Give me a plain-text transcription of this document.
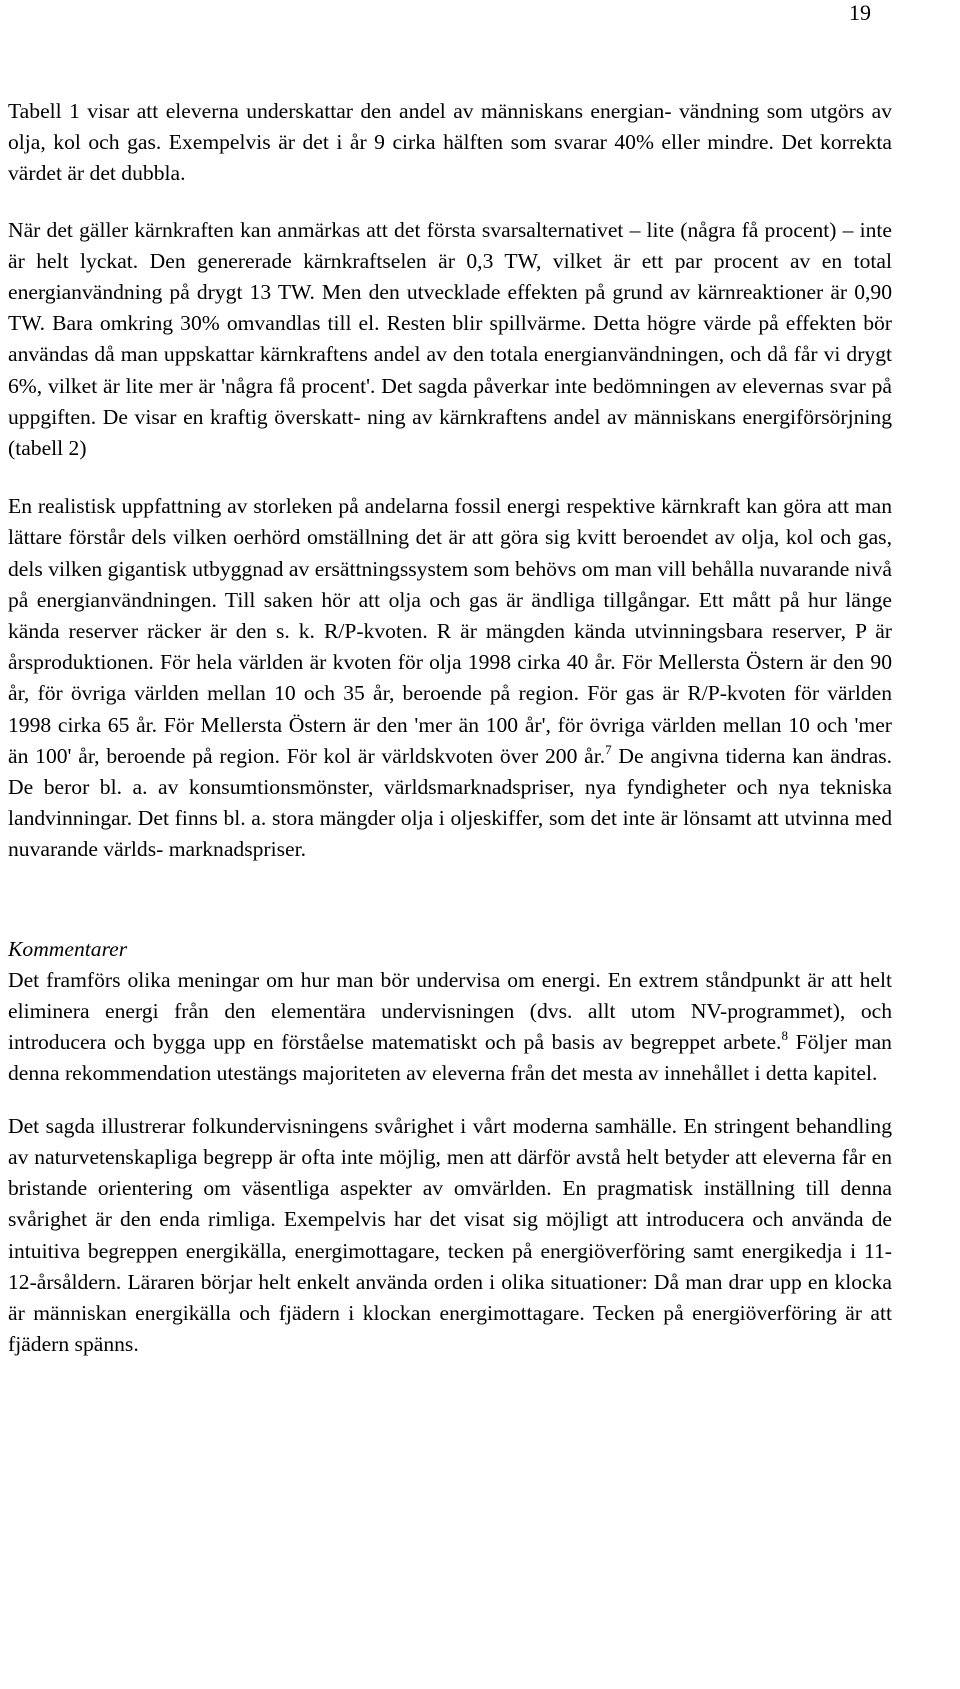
19

Tabell 1 visar att eleverna underskattar den andel av människans energian- vändning som utgörs av olja, kol och gas. Exempelvis är det i år 9 cirka hälften som svarar 40% eller mindre. Det korrekta värdet är det dubbla.

När det gäller kärnkraften kan anmärkas att det första svarsalternativet – lite (några få procent) – inte är helt lyckat. Den genererade kärnkraftselen är 0,3 TW, vilket är ett par procent av en total energianvändning på drygt 13 TW. Men den utvecklade effekten på grund av kärnreaktioner är 0,90 TW. Bara omkring 30% omvandlas till el. Resten blir spillvärme. Detta högre värde på effekten bör användas då man uppskattar kärnkraftens andel av den totala energianvändningen, och då får vi drygt 6%, vilket är lite mer är 'några få procent'. Det sagda påverkar inte bedömningen av elevernas svar på uppgiften. De visar en kraftig överskatt- ning av kärnkraftens andel av människans energiförsörjning (tabell 2)

En realistisk uppfattning av storleken på andelarna fossil energi respektive kärnkraft kan göra att man lättare förstår dels vilken oerhörd omställning det är att göra sig kvitt beroendet av olja, kol och gas, dels vilken gigantisk utbyggnad av ersättningssystem som behövs om man vill behålla nuvarande nivå på energianvändningen. Till saken hör att olja och gas är ändliga tillgångar. Ett mått på hur länge kända reserver räcker är den s. k. R/P-kvoten. R är mängden kända utvinningsbara reserver, P är årsproduktionen. För hela världen är kvoten för olja 1998 cirka 40 år. För Mellersta Östern är den 90 år, för övriga världen mellan 10 och 35 år, beroende på region. För gas är R/P-kvoten för världen 1998 cirka 65 år. För Mellersta Östern är den 'mer än 100 år', för övriga världen mellan 10 och 'mer än 100' år, beroende på region. För kol är världskvoten över 200 år.$^7$ De angivna tiderna kan ändras. De beror bl. a. av konsumtionsmönster, världsmarknadspriser, nya fyndigheter och nya tekniska landvinningar. Det finns bl. a. stora mängder olja i oljeskiffer, som det inte är lönsamt att utvinna med nuvarande världs- marknadspriser.

Kommentarer

Det framförs olika meningar om hur man bör undervisa om energi. En extrem ståndpunkt är att helt eliminera energi från den elementära undervisningen (dvs. allt utom NV-programmet), och introducera och bygga upp en förståelse matematiskt och på basis av begreppet arbete.$^8$ Följer man denna rekommendation utestängs majoriteten av eleverna från det mesta av innehållet i detta kapitel.

Det sagda illustrerar folkundervisningens svårighet i vårt moderna samhälle. En stringent behandling av naturvetenskapliga begrepp är ofta inte möjlig, men att därför avstå helt betyder att eleverna får en bristande orientering om väsentliga aspekter av omvärlden. En pragmatisk inställning till denna svårighet är den enda rimliga. Exempelvis har det visat sig möjligt att introducera och använda de intuitiva begreppen energikälla, energimottagare, tecken på energiöverföring samt energikedja i 11-12-årsåldern. Läraren börjar helt enkelt använda orden i olika situationer: Då man drar upp en klocka är människan energikälla och fjädern i klockan energimottagare. Tecken på energiöverföring är att fjädern spänns.
